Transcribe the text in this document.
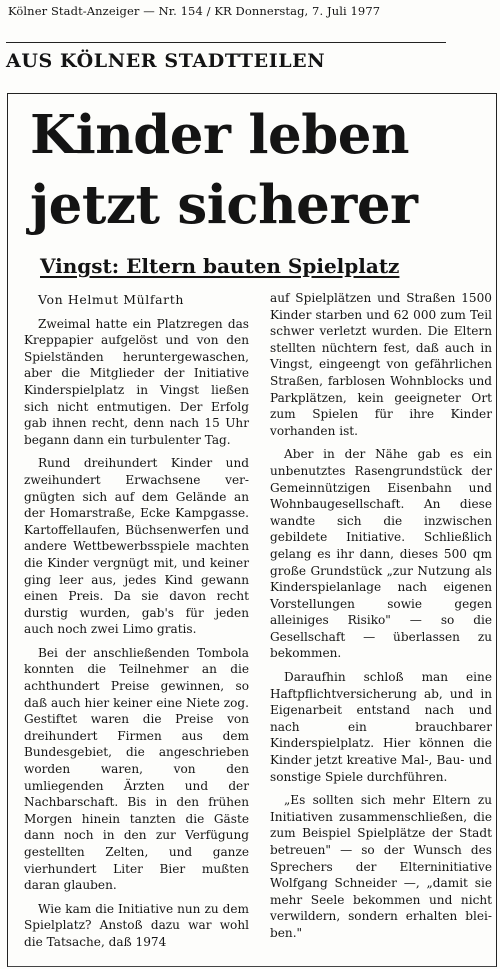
Kölner Stadt-Anzeiger — Nr. 154 / KR Donnerstag, 7. Juli 1977
AUS KÖLNER STADTTEILEN
Kinder leben
jetzt sicherer
Vingst: Eltern bauten Spielplatz

Von Helmut Mülfarth

Zweimal hatte ein Platzregen das Kreppapier aufgelöst und von den Spielständen heruntergewaschen, aber die Mitglieder der Initiative Kinderspielplatz in Vingst ließen sich nicht entmutigen. Der Erfolg gab ihnen recht, denn nach 15 Uhr begann dann ein turbulenter Tag.

Rund dreihundert Kinder und zweihundert Erwachsene vergnügten sich auf dem Gelände an der Homarstraße, Ecke Kampgasse. Kartoffellaufen, Büchsenwerfen und andere Wettbewerbsspiele machten die Kinder vergnügt mit, und keiner ging leer aus, jedes Kind gewann einen Preis. Da sie davon recht durstig wurden, gab's für jeden auch noch zwei Limo gratis.

Bei der anschließenden Tombola konnten die Teilnehmer an die achthundert Preise gewinnen, so daß auch hier keiner eine Niete zog. Gestiftet waren die Preise von dreihundert Firmen aus dem Bundesgebiet, die angeschrieben worden waren, von den umliegenden Ärzten und der Nachbarschaft. Bis in den frühen Morgen hinein tanzten die Gäste dann noch in den zur Verfügung gestellten Zelten, und ganze vierhundert Liter Bier mußten daran glauben.

Wie kam die Initiative nun zu dem Spielplatz? Anstoß dazu war wohl die Tatsache, daß 1974

auf Spielplätzen und Straßen 1500 Kinder starben und 62 000 zum Teil schwer verletzt wurden. Die Eltern stellten nüchtern fest, daß auch in Vingst, eingeengt von gefährlichen Straßen, farblosen Wohnblocks und Parkplätzen, kein geeigneter Ort zum Spielen für ihre Kinder vorhanden ist.

Aber in der Nähe gab es ein unbenutztes Rasengrundstück der Gemeinnützigen Eisenbahn und Wohnbaugesellschaft. An diese wandte sich die inzwischen gebildete Initiative. Schließlich gelang es ihr dann, dieses 500 qm große Grundstück „zur Nutzung als Kinderspielanlage nach eigenen Vorstellungen sowie gegen alleiniges Risiko" — so die Gesellschaft — überlassen zu bekommen.

Daraufhin schloß man eine Haftpflichtversicherung ab, und in Eigenarbeit entstand nach und nach ein brauchbarer Kinderspielplatz. Hier können die Kinder jetzt kreative Mal-, Bau- und sonstige Spiele durchführen.

„Es sollten sich mehr Eltern zu Initiativen zusammenschließen, die zum Beispiel Spielplätze der Stadt betreuen" — so der Wunsch des Sprechers der Elterninitiative Wolfgang Schneider —, „damit sie mehr Seele bekommen und nicht verwildern, sondern erhalten bleiben."
